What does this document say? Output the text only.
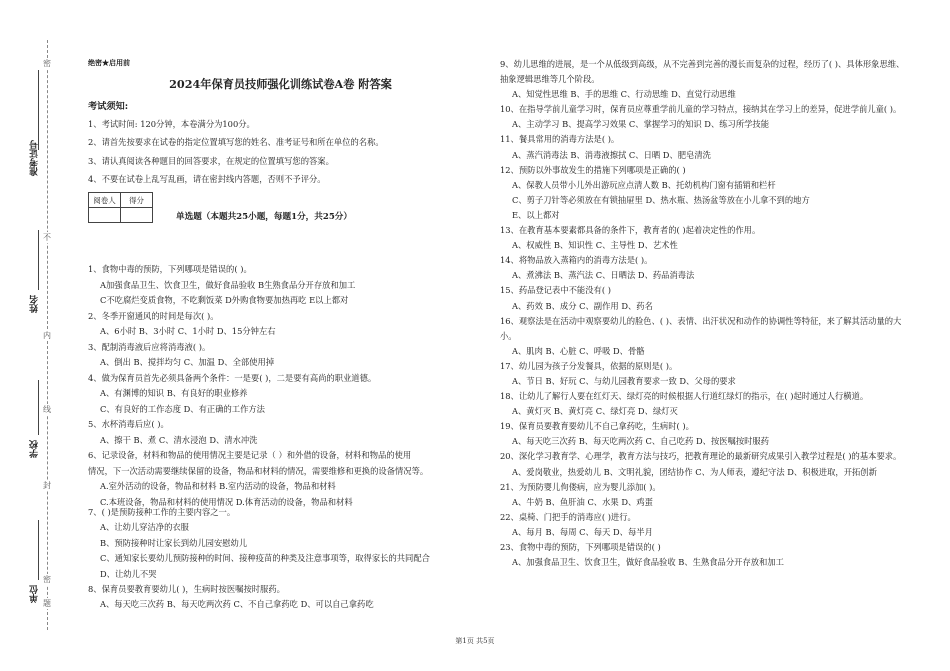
密
不
内
线
封
密
题
准考证号
姓名
学校
单位
绝密★启用前
2024年保育员技师强化训练试卷A卷 附答案
考试须知:

1、考试时间: 120分钟，本卷满分为100分。

2、请首先按要求在试卷的指定位置填写您的姓名、准考证号和所在单位的名称。

3、请认真阅读各种题目的回答要求，在规定的位置填写您的答案。

4、不要在试卷上乱写乱画，请在密封线内答题，否则不予评分。

阅卷人	得分

单选题（本题共25小题，每题1分，共25分）

1、食物中毒的预防，下列哪项是错误的( )。

A加强食品卫生、饮食卫生，做好食品验收 B生熟食品分开存放和加工

C不吃腐烂变质食物，不吃剩饭菜 D外购食物要加热再吃 E以上都对

2、冬季开窗通风的时间是每次( )。

A、6小时 B、3小时 C、1小时 D、15分钟左右

3、配制消毒液后应将消毒液( )。

A、倒出 B、搅拌均匀 C、加温 D、全部使用掉

4、做为保育员首先必须具备两个条件：一是要( )，二是要有高尚的职业道德。

A、有渊博的知识 B、有良好的职业修养

C、有良好的工作态度 D、有正确的工作方法

5、水杯消毒后应( )。

A、擦干 B、煮 C、清水浸泡 D、清水冲洗

6、记录设备，材料和物品的使用情况主要是记录（ ）和外借的设备，材料和物品的使用

情况，下一次活动需要继续保留的设备，物品和材料的情况，需要维修和更换的设备情况等。

A.室外活动的设备，物品和材料 B.室内活动的设备，物品和材料

C.本班设备，物品和材料的使用情况 D.体育活动的设备，物品和材料

7、( )是预防接种工作的主要内容之一。

A、让幼儿穿洁净的衣服

B、预防接种时让家长到幼儿园安慰幼儿

C、通知家长要幼儿预防接种的时间、接种疫苗的种类及注意事项等，取得家长的共同配合

D、让幼儿不哭

8、保育员要教育要幼儿( )，生病时按医嘱按时服药。

A、每天吃三次药 B、每天吃两次药 C、不自己拿药吃 D、可以自己拿药吃

9、幼儿思维的进展，是一个从低级到高级，从不完善到完善的漫长而复杂的过程，经历了( )、具体形象思维、抽象逻辑思维等几个阶段。

A、知觉性思维 B、手的思维 C、行动思维 D、直觉行动思维

10、在指导学前儿童学习时，保育员应尊重学前儿童的学习特点，接纳其在学习上的差异，促进学前儿童( )。

A、主动学习 B、提高学习效果 C、掌握学习的知识 D、练习所学技能

11、餐具常用的消毒方法是( )。

A、蒸汽消毒法 B、消毒液擦拭 C、日晒 D、肥皂清洗

12、预防以外事故发生的措施下列哪项是正确的( )

A、保教人员带小儿外出游玩应点清人数 B、托幼机构门窗有插销和栏杆

C、剪子刀针等必须放在有锁抽屉里 D、热水瓶、热汤盆等放在小儿拿不到的地方

E、以上都对

13、在教育基本要素都具备的条件下，教育者的( )起着决定性的作用。

A、权威性 B、知识性 C、主导性 D、艺术性

14、将物品放入蒸箱内的消毒方法是( )。

A、煮沸法 B、蒸汽法 C、日晒法 D、药品消毒法

15、药品登记表中不能没有( )

A、药效 B、成分 C、副作用 D、药名

16、观察法是在活动中观察要幼儿的脸色、( )、表情、出汗状况和动作的协调性等特征，来了解其活动量的大小。

A、肌肉 B、心脏 C、呼吸 D、骨骼

17、幼儿园为孩子分发餐具，依据的原则是( )。

A、节日 B、好玩 C、与幼儿园教育要求一致 D、父母的要求

18、让幼儿了解行人要在红灯天、绿灯亮的时候根据人行道红绿灯的指示，在( )起时通过人行横道。

A、黄灯灭 B、黄灯亮 C、绿灯亮 D、绿灯灭

19、保育员要教育要幼儿不自己拿药吃，生病时( )。

A、每天吃三次药 B、每天吃两次药 C、自己吃药 D、按医嘱按时服药

20、深化学习教育学、心理学，教育方法与技巧，把教育理论的最新研究成果引入教学过程是( )的基本要求。

A、爱岗敬业，热爱幼儿 B、文明礼貌，团结协作 C、为人师表，遵纪守法 D、积极进取，开拓创新

21、为预防婴儿佝偻病，应为婴儿添加( )。

A、牛奶 B、鱼肝油 C、水果 D、鸡蛋

22、桌椅、门把手的消毒应( )进行。

A、每月 B、每周 C、每天 D、每半月

23、食物中毒的预防，下列哪项是错误的( )

A、加强食品卫生、饮食卫生，做好食品验收 B、生熟食品分开存放和加工

第1页 共5页
